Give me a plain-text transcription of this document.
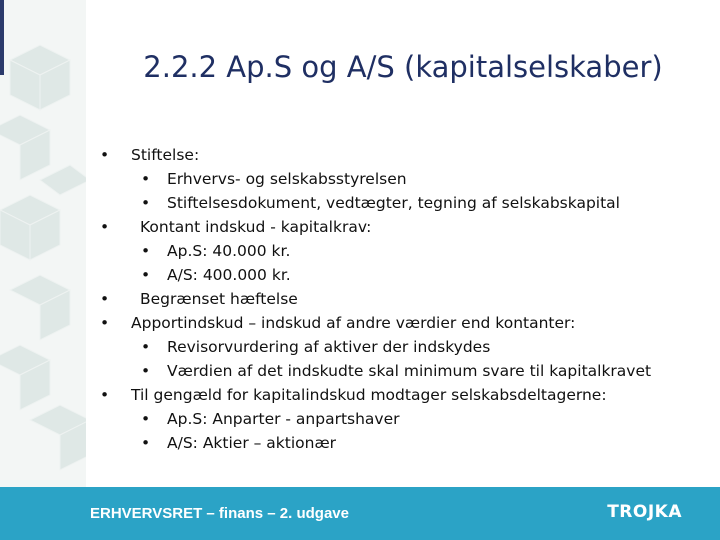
2.2.2 Ap.S og A/S (kapitalselskaber)
• Stiftelse:
• Erhvervs- og selskabsstyrelsen
• Stiftelsesdokument, vedtægter, tegning af selskabskapital
• Kontant indskud - kapitalkrav:
• Ap.S: 40.000 kr.
• A/S: 400.000 kr.
• Begrænset hæftelse
• Apportindskud – indskud af andre værdier end kontanter:
• Revisorvurdering af aktiver der indskydes
• Værdien af det indskudte skal minimum svare til kapitalkravet
• Til gengæld for kapitalindskud modtager selskabsdeltagerne:
• Ap.S: Anparter - anpartshaver
• A/S: Aktier – aktionær
ERHVERVSRET – finans – 2. udgave	TROJKA
